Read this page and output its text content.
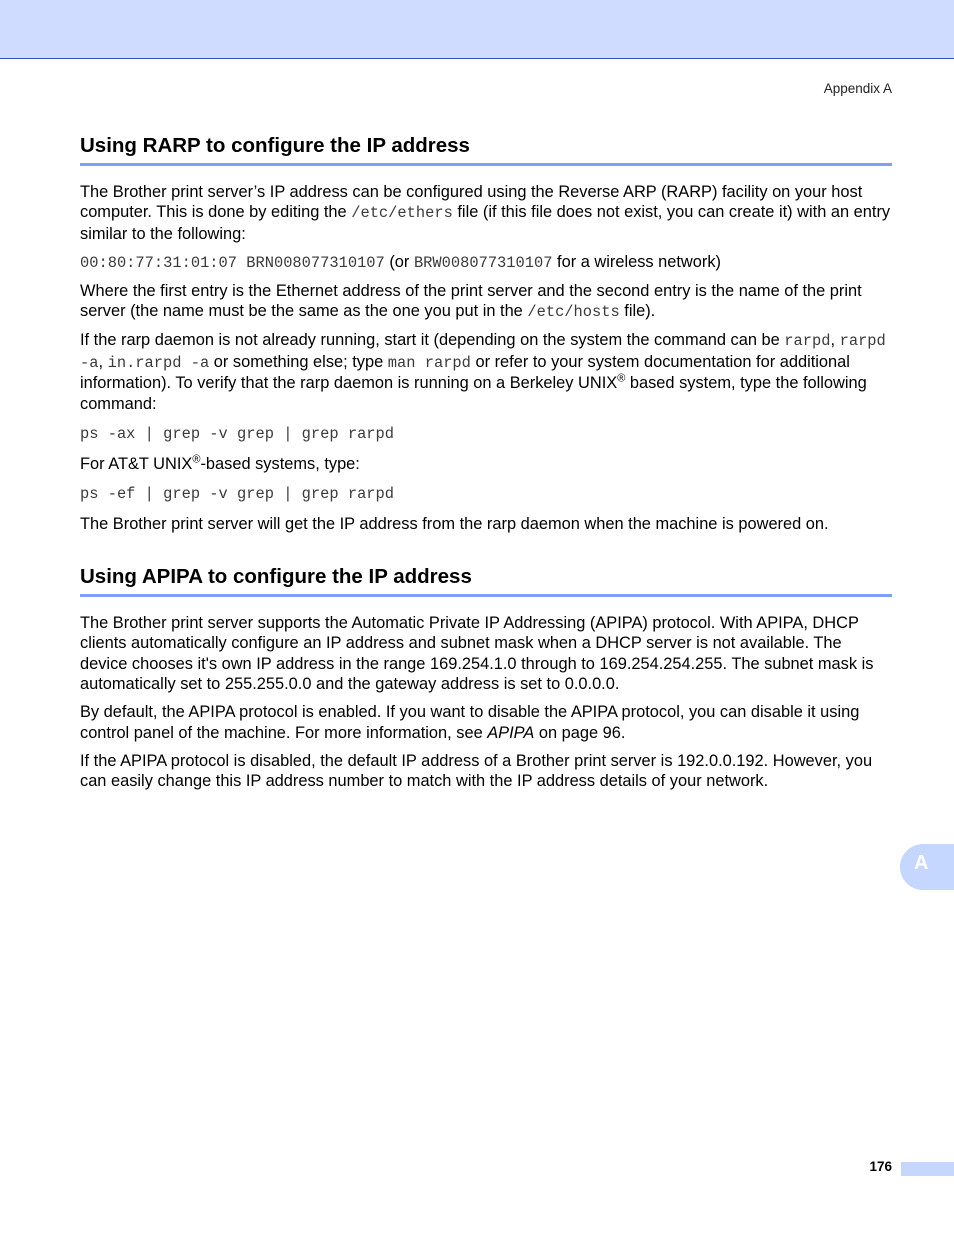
Appendix A
Using RARP to configure the IP address

The Brother print server’s IP address can be configured using the Reverse ARP (RARP) facility on your host computer. This is done by editing the /etc/ethers file (if this file does not exist, you can create it) with an entry similar to the following:

00:80:77:31:01:07 BRN008077310107 (or BRW008077310107 for a wireless network)

Where the first entry is the Ethernet address of the print server and the second entry is the name of the print server (the name must be the same as the one you put in the /etc/hosts file).

If the rarp daemon is not already running, start it (depending on the system the command can be rarpd, rarpd -a, in.rarpd -a or something else; type man rarpd or refer to your system documentation for additional information). To verify that the rarp daemon is running on a Berkeley UNIX® based system, type the following command:

ps -ax | grep -v grep | grep rarpd

For AT&T UNIX®-based systems, type:

ps -ef | grep -v grep | grep rarpd

The Brother print server will get the IP address from the rarp daemon when the machine is powered on.

Using APIPA to configure the IP address

The Brother print server supports the Automatic Private IP Addressing (APIPA) protocol. With APIPA, DHCP clients automatically configure an IP address and subnet mask when a DHCP server is not available. The device chooses it's own IP address in the range 169.254.1.0 through to 169.254.254.255. The subnet mask is automatically set to 255.255.0.0 and the gateway address is set to 0.0.0.0.

By default, the APIPA protocol is enabled. If you want to disable the APIPA protocol, you can disable it using control panel of the machine. For more information, see APIPA on page 96.

If the APIPA protocol is disabled, the default IP address of a Brother print server is 192.0.0.192. However, you can easily change this IP address number to match with the IP address details of your network.

A
176
